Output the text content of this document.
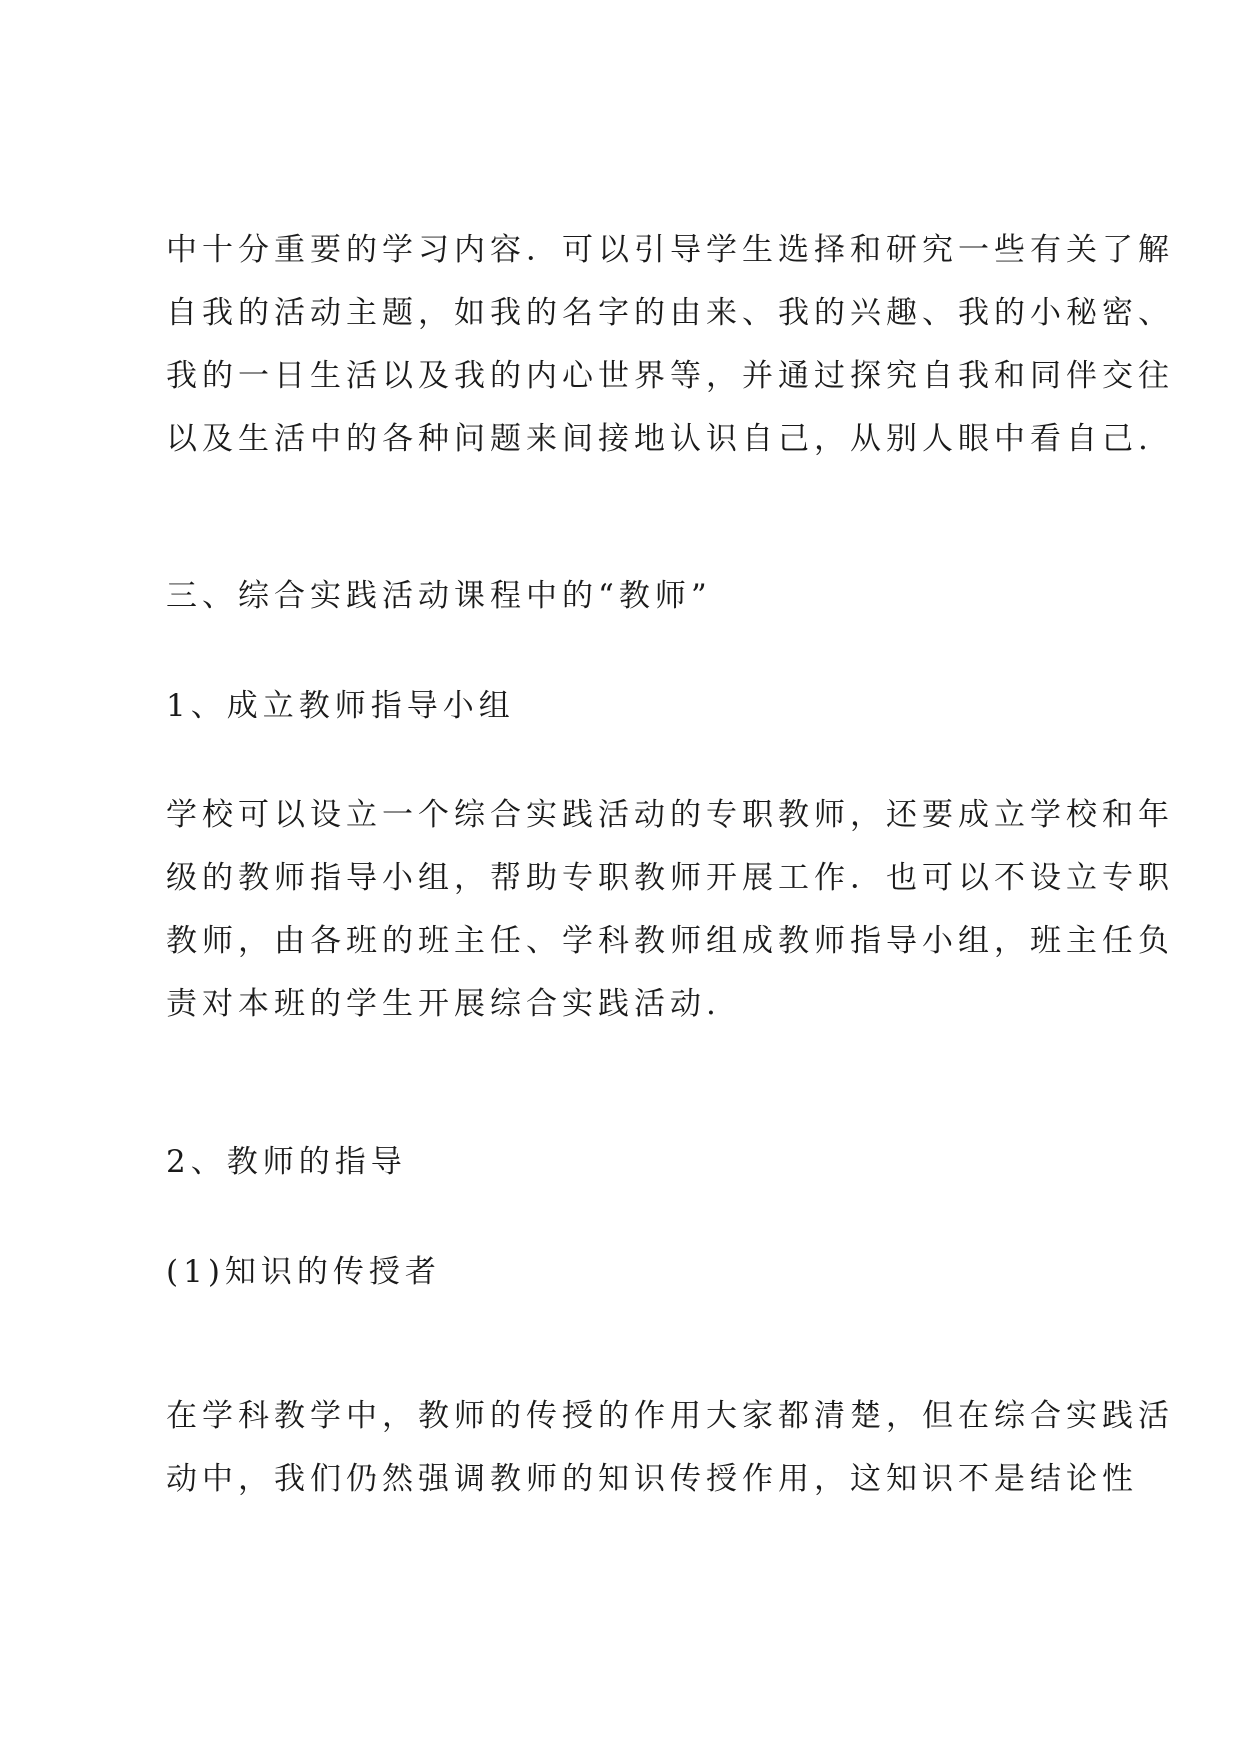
中十分重要的学习内容．可以引导学生选择和研究一些有关了解
自我的活动主题，如我的名字的由来、我的兴趣、我的小秘密、
我的一日生活以及我的内心世界等，并通过探究自我和同伴交往
以及生活中的各种问题来间接地认识自己，从别人眼中看自己.

三、综合实践活动课程中的“教师”

1、成立教师指导小组

学校可以设立一个综合实践活动的专职教师，还要成立学校和年
级的教师指导小组，帮助专职教师开展工作．也可以不设立专职
教师，由各班的班主任、学科教师组成教师指导小组，班主任负
责对本班的学生开展综合实践活动.

2、教师的指导

(1)知识的传授者

在学科教学中，教师的传授的作用大家都清楚，但在综合实践活
动中，我们仍然强调教师的知识传授作用，这知识不是结论性
